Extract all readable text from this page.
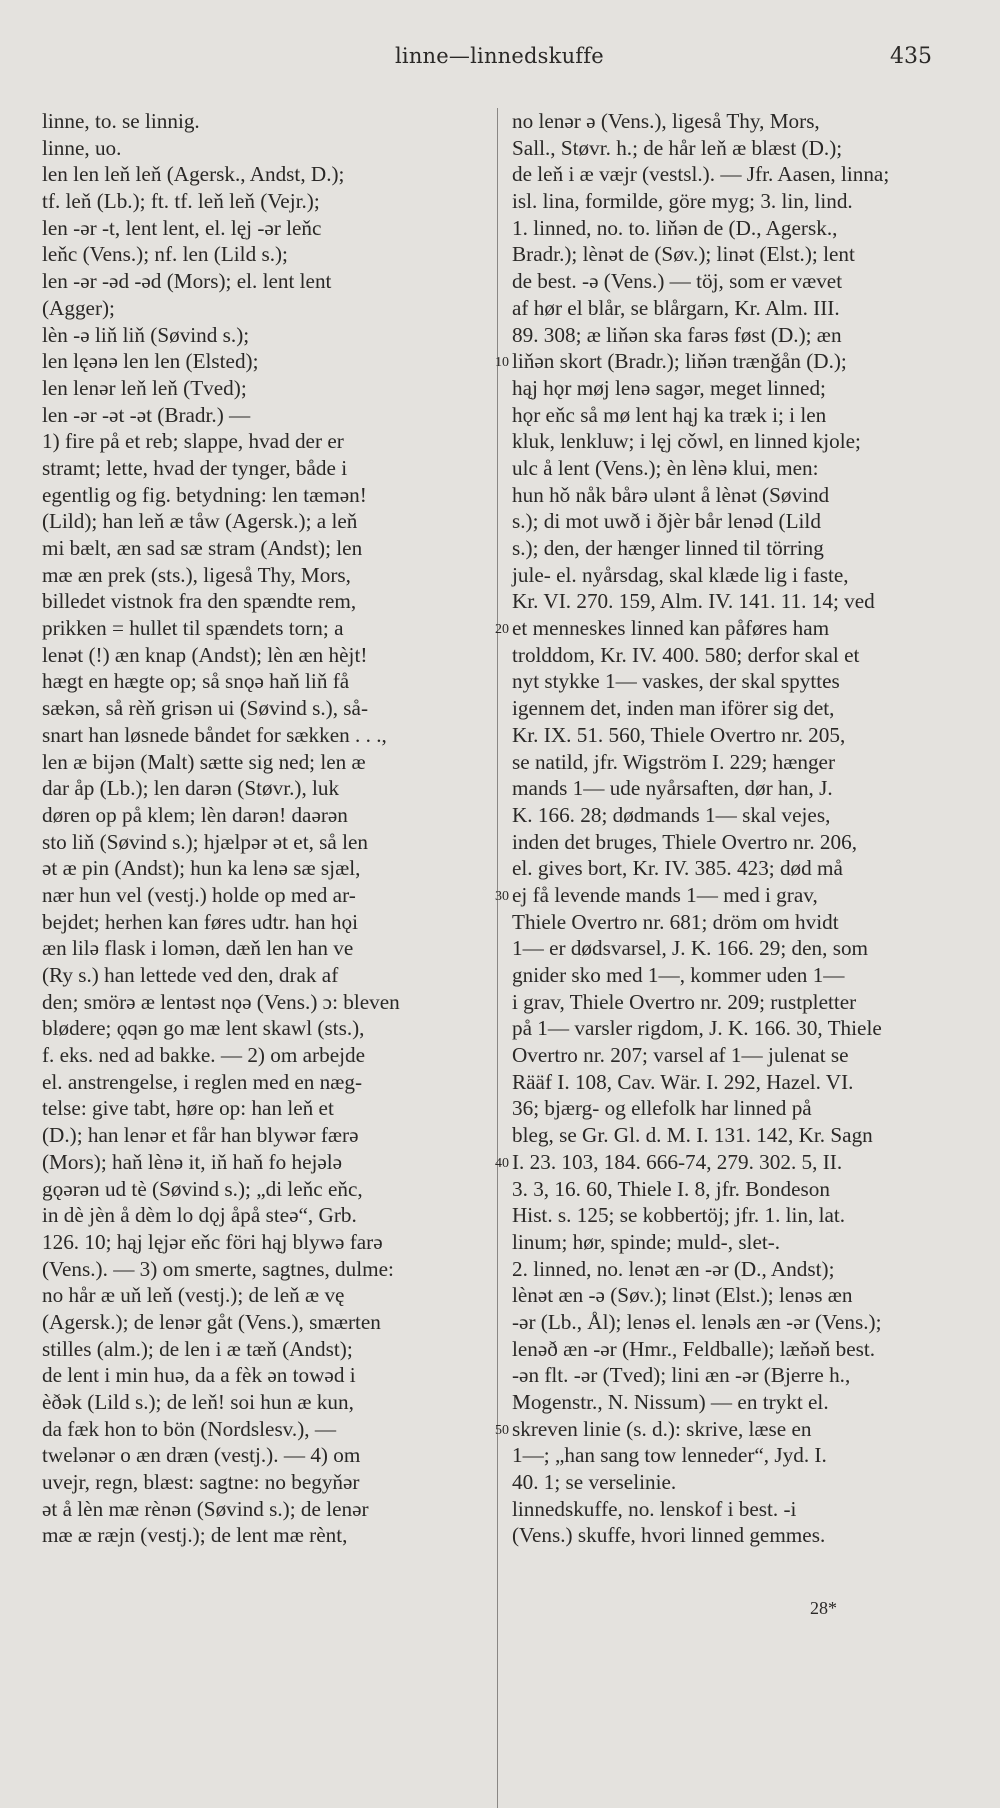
linne—linnedskuffe	435
linne, to. se linnig.
linne, uo.
len len leň leň (Agersk., Andst, D.);
tf. leň (Lb.); ft. tf. leň leň (Vejr.);
len -ər -t, lent lent, el. lęj -ər leňc
leňc (Vens.); nf. len (Lild s.);
len -ər -əd -əd (Mors); el. lent lent
(Agger);
lèn -ə liň liň (Søvind s.);
len lęənə len len (Elsted);
len lenər leň leň (Tved);
len -ər -ət -ət (Bradr.) —
1) fire på et reb; slappe, hvad der er
stramt; lette, hvad der tynger, både i
egentlig og fig. betydning: len tæmən!
(Lild); han leň æ tåw (Agersk.); a leň
mi bælt, æn sad sæ stram (Andst); len
mæ æn prek (sts.), ligeså Thy, Mors,
billedet vistnok fra den spændte rem,
prikken = hullet til spændets torn; a
lenət (!) æn knap (Andst); lèn æn hèjt!
hægt en hægte op; så snǫə haň liň få
sækən, så rèň grisən ui (Søvind s.), så-
snart han løsnede båndet for sækken . . .,
len æ bijən (Malt) sætte sig ned; len æ
dar åp (Lb.); len darən (Støvr.), luk
døren op på klem; lèn darən! daərən
sto liň (Søvind s.); hjælpər ət et, så len
ət æ pin (Andst); hun ka lenə sæ sjæl,
nær hun vel (vestj.) holde op med ar-
bejdet; herhen kan føres udtr. han hǫi
æn lilə flask i lomən, dæň len han ve
(Ry s.) han lettede ved den, drak af
den; smörə æ lentəst nǫə (Vens.) ɔ: bleven
blødere; ǫqən go mæ lent skawl (sts.),
f. eks. ned ad bakke. — 2) om arbejde
el. anstrengelse, i reglen med en næg-
telse: give tabt, høre op: han leň et
(D.); han lenər et får han blywər færə
(Mors); haň lènə it, iň haň fo hejələ
gǫərən ud tè (Søvind s.); „di leňc eňc,
in dè jèn å dèm lo dǫj åpå steə“, Grb.
126. 10; hąj lęjər eňc föri hąj blywə farə
(Vens.). — 3) om smerte, sagtnes, dulme:
no hår æ uň leň (vestj.); de leň æ vę
(Agersk.); de lenər gåt (Vens.), smærten
stilles (alm.); de len i æ tæň (Andst);
de lent i min huə, da a fèk ən towəd i
èðək (Lild s.); de leň! soi hun æ kun,
da fæk hon to bön (Nordslesv.), —
twelənər o æn dræn (vestj.). — 4) om
uvejr, regn, blæst: sagtne: no begyňər
ət å lèn mæ rènən (Søvind s.); de lenər
mæ æ ræjn (vestj.); de lent mæ rènt,
10
20
30
40
50
no lenər ə (Vens.), ligeså Thy, Mors,
Sall., Støvr. h.; de hår leň æ blæst (D.);
de leň i æ væjr (vestsl.). — Jfr. Aasen, linna;
isl. lina, formilde, göre myg; 3. lin, lind.
1. linned, no. to. liňən de (D., Agersk.,
Bradr.); lènət de (Søv.); linət (Elst.); lent
de best. -ə (Vens.) — töj, som er vævet
af hør el blår, se blårgarn, Kr. Alm. III.
89. 308; æ liňən ska farəs føst (D.); æn
liňən skort (Bradr.); liňən trænǧån (D.);
hąj hǫr møj lenə sagər, meget linned;
hǫr eňc så mø lent hąj ka træk i; i len
kluk, lenkluw; i lęj cǒwl, en linned kjole;
ulc å lent (Vens.); èn lènə klui, men:
hun hǒ nåk bårə ulənt å lènət (Søvind
s.); di mot uwð i ðjèr bår lenəd (Lild
s.); den, der hænger linned til törring
jule- el. nyårsdag, skal klæde lig i faste,
Kr. VI. 270. 159, Alm. IV. 141. 11. 14; ved
et menneskes linned kan påføres ham
trolddom, Kr. IV. 400. 580; derfor skal et
nyt stykke 1— vaskes, der skal spyttes
igennem det, inden man iförer sig det,
Kr. IX. 51. 560, Thiele Overtro nr. 205,
se natild, jfr. Wigström I. 229; hænger
mands 1— ude nyårsaften, dør han, J.
K. 166. 28; dødmands 1— skal vejes,
inden det bruges, Thiele Overtro nr. 206,
el. gives bort, Kr. IV. 385. 423; død må
ej få levende mands 1— med i grav,
Thiele Overtro nr. 681; dröm om hvidt
1— er dødsvarsel, J. K. 166. 29; den, som
gnider sko med 1—, kommer uden 1—
i grav, Thiele Overtro nr. 209; rustpletter
på 1— varsler rigdom, J. K. 166. 30, Thiele
Overtro nr. 207; varsel af 1— julenat se
Rääf I. 108, Cav. Wär. I. 292, Hazel. VI.
36; bjærg- og ellefolk har linned på
bleg, se Gr. Gl. d. M. I. 131. 142, Kr. Sagn
I. 23. 103, 184. 666-74, 279. 302. 5, II.
3. 3, 16. 60, Thiele I. 8, jfr. Bondeson
Hist. s. 125; se kobbertöj; jfr. 1. lin, lat.
linum; hør, spinde; muld-, slet-.
2. linned, no. lenət æn -ər (D., Andst);
lènət æn -ə (Søv.); linət (Elst.); lenəs æn
-ər (Lb., Ål); lenəs el. lenəls æn -ər (Vens.);
lenəð æn -ər (Hmr., Feldballe); læňəň best.
-ən flt. -ər (Tved); lini æn -ər (Bjerre h.,
Mogenstr., N. Nissum) — en trykt el.
skreven linie (s. d.): skrive, læse en
1—; „han sang tow lenneder“, Jyd. I.
40. 1; se verselinie.
linnedskuffe, no. lenskof i best. -i
(Vens.) skuffe, hvori linned gemmes.
28*
